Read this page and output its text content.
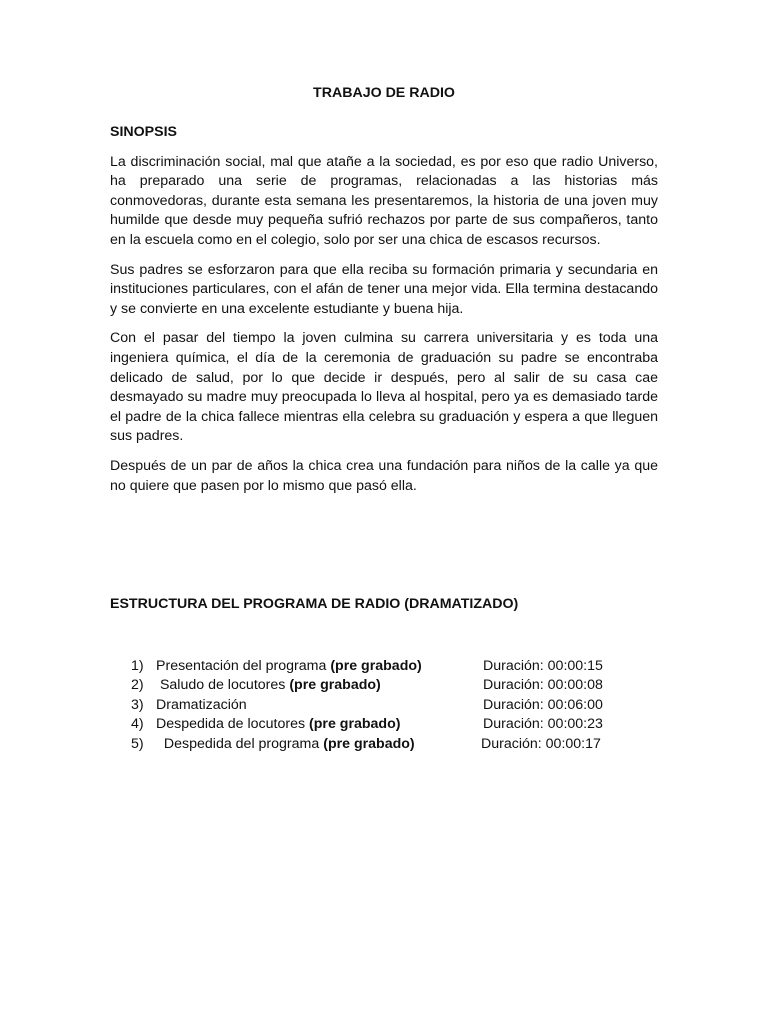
TRABAJO DE RADIO
SINOPSIS

La discriminación social, mal que atañe a la sociedad, es por eso que radio Universo, ha preparado una serie de programas, relacionadas a las historias más conmovedoras, durante esta semana les presentaremos, la historia de una joven muy humilde que desde muy pequeña sufrió rechazos por parte de sus compañeros, tanto en la escuela como en el colegio, solo por ser una chica de escasos recursos.

Sus padres se esforzaron para que ella reciba su formación primaria y secundaria en instituciones particulares, con el afán de tener una mejor vida. Ella termina destacando y se convierte en una excelente estudiante y buena hija.

Con el pasar del tiempo la joven culmina su carrera universitaria y es toda una ingeniera química, el día de la ceremonia de graduación su padre se encontraba delicado de salud, por lo que decide ir después, pero al salir de su casa cae desmayado su madre muy preocupada lo lleva al hospital, pero ya es demasiado tarde el padre de la chica fallece mientras ella celebra su graduación y espera a que lleguen sus padres.

Después de un par de años la chica crea una fundación para niños de la calle ya que no quiere que pasen por lo mismo que pasó ella.

ESTRUCTURA DEL PROGRAMA DE RADIO (DRAMATIZADO)
1) Presentación del programa (pre grabado)	Duración: 00:00:15
2) Saludo de locutores (pre grabado)	Duración: 00:00:08
3) Dramatización	Duración: 00:06:00
4) Despedida de locutores (pre grabado)	Duración: 00:00:23
5)	Despedida del programa (pre grabado)	Duración: 00:00:17
